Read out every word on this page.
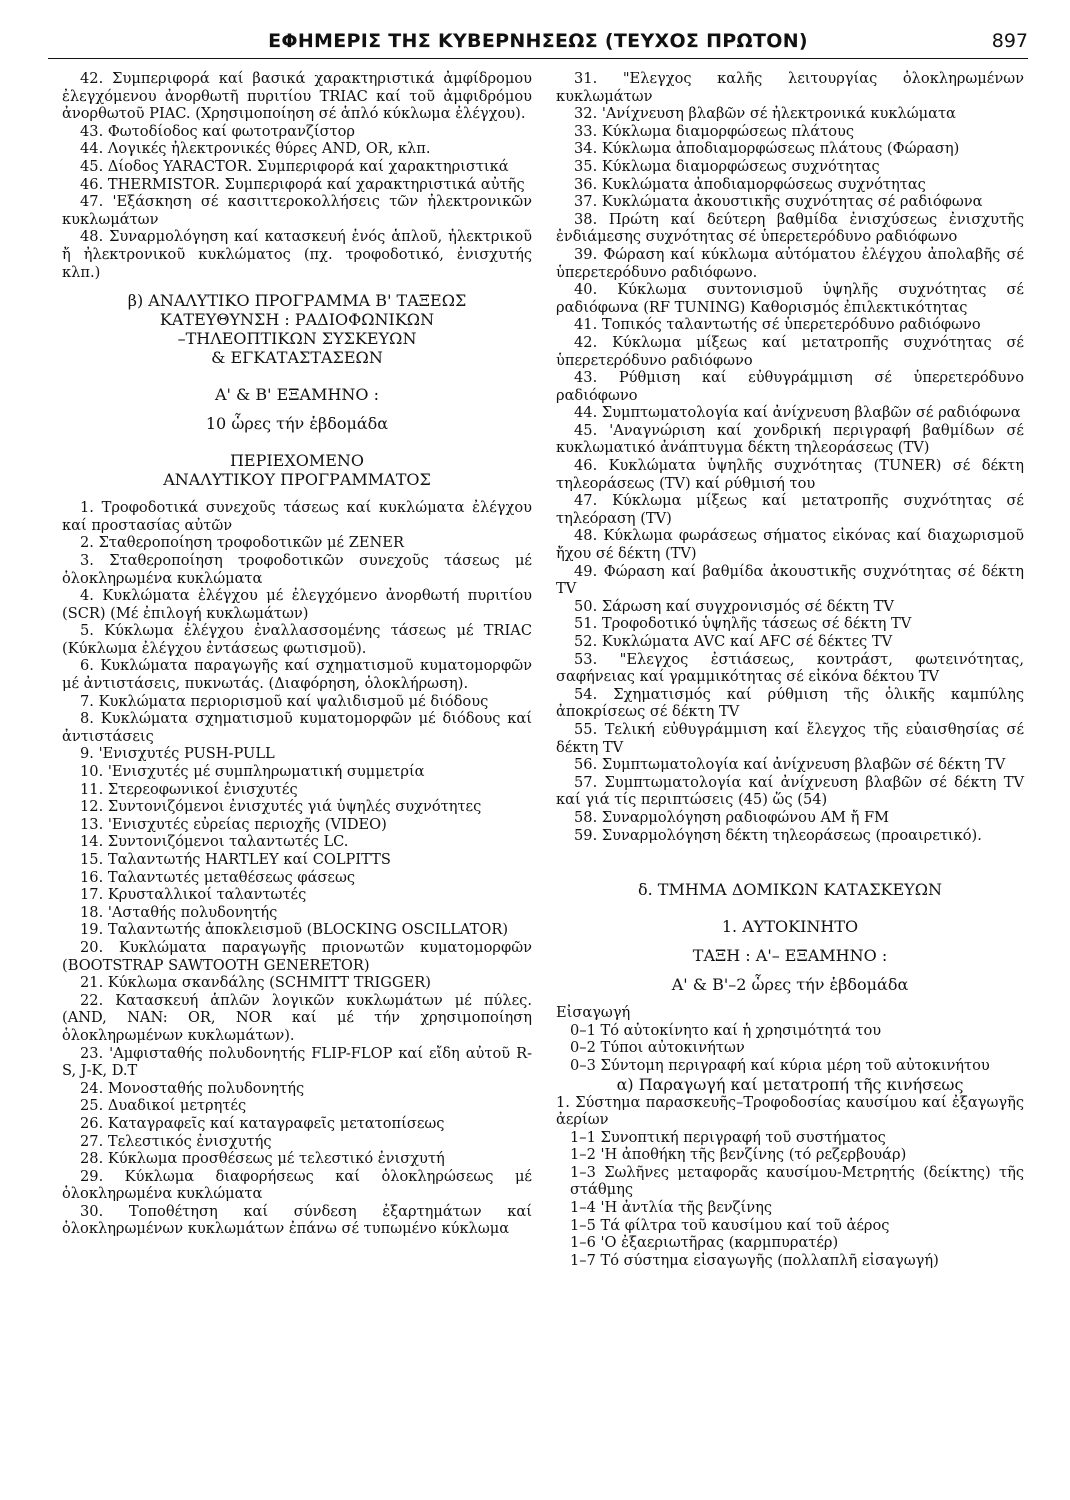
ΕΦΗΜΕΡΙΣ ΤΗΣ ΚΥΒΕΡΝΗΣΕΩΣ (ΤΕΥΧΟΣ ΠΡΩΤΟΝ)	897

42. Συμπεριφορά καί βασικά χαρακτηριστικά ἀμφίδρομου ἐλεγχόμενου ἀνορθωτῆ πυριτίου TRIAC καί τοῦ ἀμφιδρόμου ἀνορθωτοῦ PIAC. (Χρησιμοποίηση σέ ἁπλό κύκλωμα ἐλέγχου).

43. Φωτοδίοδος καί φωτοτρανζίστορ

44. Λογικές ἠλεκτρονικές θύρες AND, OR, κλπ.

45. Δίοδος YARACTOR. Συμπεριφορά καί χαρακτηριστικά

46. THERMISTOR. Συμπεριφορά καί χαρακτηριστικά αὐτῆς

47. 'Εξάσκηση σέ κασιττεροκολλήσεις τῶν ἠλεκτρονικῶν κυκλωμάτων

48. Συναρμολόγηση καί κατασκευή ἑνός ἁπλοῦ, ἠλεκτρικοῦ ἤ ἠλεκτρονικοῦ κυκλώματος (πχ. τροφοδοτικό, ἐνισχυτής κλπ.)

β) ΑΝΑΛΥΤΙΚΟ ΠΡΟΓΡΑΜΜΑ Β' ΤΑΞΕΩΣ

ΚΑΤΕΥΘΥΝΣΗ : ΡΑΔΙΟΦΩΝΙΚΩΝ

–ΤΗΛΕΟΠΤΙΚΩΝ ΣΥΣΚΕΥΩΝ

& ΕΓΚΑΤΑΣΤΑΣΕΩΝ

Α' & Β' ΕΞΑΜΗΝΟ :

10 ὧρες τήν ἑβδομάδα

ΠΕΡΙΕΧΟΜΕΝΟ

ΑΝΑΛΥΤΙΚΟΥ ΠΡΟΓΡΑΜΜΑΤΟΣ

1. Τροφοδοτικά συνεχοῦς τάσεως καί κυκλώματα ἐλέγχου καί προστασίας αὐτῶν

2. Σταθεροποίηση τροφοδοτικῶν μέ ZENER

3. Σταθεροποίηση τροφοδοτικῶν συνεχοῦς τάσεως μέ ὁλοκληρωμένα κυκλώματα

4. Κυκλώματα ἐλέγχου μέ ἐλεγχόμενο ἀνορθωτή πυριτίου (SCR) (Μέ ἐπιλογή κυκλωμάτων)

5. Κύκλωμα ἐλέγχου ἐναλλασσομένης τάσεως μέ TRIAC (Κύκλωμα ἐλέγχου ἐντάσεως φωτισμοῦ).

6. Κυκλώματα παραγωγῆς καί σχηματισμοῦ κυματομορφῶν μέ ἀντιστάσεις, πυκνωτάς. (Διαφόρηση, ὁλοκλήρωση).

7. Κυκλώματα περιορισμοῦ καί ψαλιδισμοῦ μέ διόδους

8. Κυκλώματα σχηματισμοῦ κυματομορφῶν μέ διόδους καί ἀντιστάσεις

9. 'Ενισχυτές PUSH-PULL

10. 'Ενισχυτές μέ συμπληρωματική συμμετρία

11. Στερεοφωνικοί ἐνισχυτές

12. Συντονιζόμενοι ἐνισχυτές γιά ὑψηλές συχνότητες

13. 'Ενισχυτές εὐρείας περιοχῆς (VIDEO)

14. Συντονιζόμενοι ταλαντωτές LC.

15. Ταλαντωτής HARTLEY καί COLPITTS

16. Ταλαντωτές μεταθέσεως φάσεως

17. Κρυσταλλικοί ταλαντωτές

18. 'Ασταθής πολυδονητής

19. Ταλαντωτής ἀποκλεισμοῦ (BLOCKING OSCILLATOR)

20. Κυκλώματα παραγωγῆς πριονωτῶν κυματομορφῶν (BOOTSTRAP SAWTOOTH GENERETOR)

21. Κύκλωμα σκανδάλης (SCHMITT TRIGGER)

22. Κατασκευή ἁπλῶν λογικῶν κυκλωμάτων μέ πύλες. (AND, NAN: OR, NOR καί μέ τήν χρησιμοποίηση ὁλοκληρωμένων κυκλωμάτων).

23. 'Αμφισταθής πολυδονητής FLIP-FLOP καί εἴδη αὐτοῦ R-S, J-K, D.T

24. Μονοσταθής πολυδονητής

25. Δυαδικοί μετρητές

26. Καταγραφεῖς καί καταγραφεῖς μετατοπίσεως

27. Τελεστικός ἐνισχυτής

28. Κύκλωμα προσθέσεως μέ τελεστικό ἐνισχυτή

29. Κύκλωμα διαφορήσεως καί ὁλοκληρώσεως μέ ὁλοκληρωμένα κυκλώματα

30. Τοποθέτηση καί σύνδεση ἐξαρτημάτων καί ὁλοκληρωμένων κυκλωμάτων ἐπάνω σέ τυπωμένο κύκλωμα

31. "Ελεγχος καλῆς λειτουργίας ὁλοκληρωμένων κυκλωμάτων

32. 'Ανίχνευση βλαβῶν σέ ἠλεκτρονικά κυκλώματα

33. Κύκλωμα διαμορφώσεως πλάτους

34. Κύκλωμα ἀποδιαμορφώσεως πλάτους (Φώραση)

35. Κύκλωμα διαμορφώσεως συχνότητας

36. Κυκλώματα ἀποδιαμορφώσεως συχνότητας

37. Κυκλώματα ἀκουστικῆς συχνότητας σέ ραδιόφωνα

38. Πρώτη καί δεύτερη βαθμίδα ἐνισχύσεως ἐνισχυτῆς ἐνδιάμεσης συχνότητας σέ ὑπερετερόδυνο ραδιόφωνο

39. Φώραση καί κύκλωμα αὐτόματου ἐλέγχου ἀπολαβῆς σέ ὑπερετερόδυνο ραδιόφωνο.

40. Κύκλωμα συντονισμοῦ ὑψηλῆς συχνότητας σέ ραδιόφωνα (RF TUNING) Καθορισμός ἐπιλεκτικότητας

41. Τοπικός ταλαντωτής σέ ὑπερετερόδυνο ραδιόφωνο

42. Κύκλωμα μίξεως καί μετατροπῆς συχνότητας σέ ὑπερετερόδυνο ραδιόφωνο

43. Ρύθμιση καί εὐθυγράμμιση σέ ὑπερετερόδυνο ραδιόφωνο

44. Συμπτωματολογία καί ἀνίχνευση βλαβῶν σέ ραδιόφωνα

45. 'Αναγνώριση καί χονδρική περιγραφή βαθμίδων σέ κυκλωματικό ἀνάπτυγμα δέκτη τηλεοράσεως (TV)

46. Κυκλώματα ὑψηλῆς συχνότητας (TUNER) σέ δέκτη τηλεοράσεως (TV) καί ρύθμισή του

47. Κύκλωμα μίξεως καί μετατροπῆς συχνότητας σέ τηλεόραση (TV)

48. Κύκλωμα φωράσεως σήματος εἰκόνας καί διαχωρισμοῦ ἤχου σέ δέκτη (TV)

49. Φώραση καί βαθμίδα ἀκουστικῆς συχνότητας σέ δέκτη TV

50. Σάρωση καί συγχρονισμός σέ δέκτη TV

51. Τροφοδοτικό ὑψηλῆς τάσεως σέ δέκτη TV

52. Κυκλώματα AVC καί AFC σέ δέκτες TV

53. "Ελεγχος ἐστιάσεως, κοντράστ, φωτεινότητας, σαφήνειας καί γραμμικότητας σέ εἰκόνα δέκτου TV

54. Σχηματισμός καί ρύθμιση τῆς ὁλικῆς καμπύλης ἀποκρίσεως σέ δέκτη TV

55. Τελική εὐθυγράμμιση καί ἔλεγχος τῆς εὐαισθησίας σέ δέκτη TV

56. Συμπτωματολογία καί ἀνίχνευση βλαβῶν σέ δέκτη TV

57. Συμπτωματολογία καί ἀνίχνευση βλαβῶν σέ δέκτη TV καί γιά τίς περιπτώσεις (45) ὥς (54)

58. Συναρμολόγηση ραδιοφώνου AM ἤ FM

59. Συναρμολόγηση δέκτη τηλεοράσεως (προαιρετικό).

δ. ΤΜΗΜΑ ΔΟΜΙΚΩΝ ΚΑΤΑΣΚΕΥΩΝ

1. ΑΥΤΟΚΙΝΗΤΟ

ΤΑΞΗ : Α'– ΕΞΑΜΗΝΟ :

Α' & Β'–2 ὧρες τήν ἑβδομάδα

Εἰσαγωγή

0–1 Τό αὐτοκίνητο καί ἡ χρησιμότητά του

0–2 Τύποι αὐτοκινήτων

0–3 Σύντομη περιγραφή καί κύρια μέρη τοῦ αὐτοκινήτου

α) Παραγωγή καί μετατροπή τῆς κινήσεως

1. Σύστημα παρασκευῆς–Τροφοδοσίας καυσίμου καί ἐξαγωγῆς ἀερίων

1–1 Συνοπτική περιγραφή τοῦ συστήματος

1–2 'Η ἀποθήκη τῆς βενζίνης (τό ρεζερβουάρ)

1–3 Σωλῆνες μεταφορᾶς καυσίμου-Μετρητής (δείκτης) τῆς στάθμης

1–4 'Η ἀντλία τῆς βενζίνης

1–5 Τά φίλτρα τοῦ καυσίμου καί τοῦ ἀέρος

1–6 'Ο ἐξαεριωτῆρας (καρμπυρατέρ)

1–7 Τό σύστημα εἰσαγωγῆς (πολλαπλῆ εἰσαγωγή)
